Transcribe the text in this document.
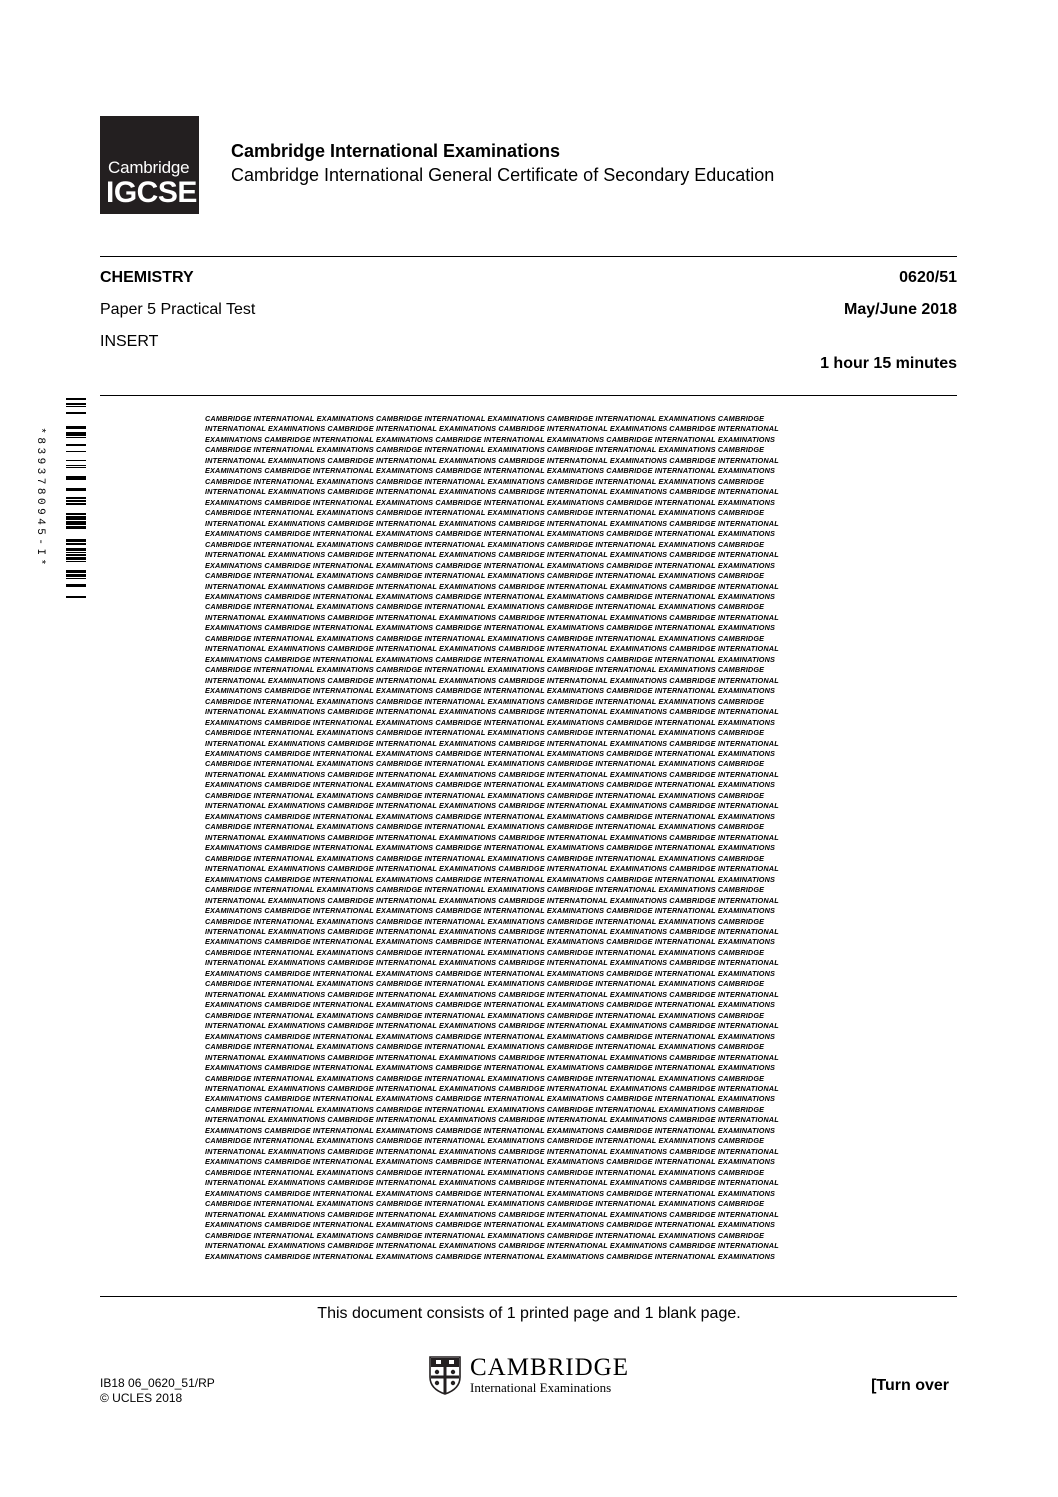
Cambridge
IGCSE
Cambridge International Examinations
Cambridge International General Certificate of Secondary Education
CHEMISTRY	0620/51
Paper 5 Practical Test	May/June 2018
INSERT
1 hour 15 minutes
*8393780945-I*
CAMBRIDGE INTERNATIONAL EXAMINATIONS CAMBRIDGE INTERNATIONAL EXAMINATIONS CAMBRIDGE INTERNATIONAL EXAMINATIONS CAMBRIDGE
INTERNATIONAL EXAMINATIONS CAMBRIDGE INTERNATIONAL EXAMINATIONS CAMBRIDGE INTERNATIONAL EXAMINATIONS CAMBRIDGE INTERNATIONAL
EXAMINATIONS CAMBRIDGE INTERNATIONAL EXAMINATIONS CAMBRIDGE INTERNATIONAL EXAMINATIONS CAMBRIDGE INTERNATIONAL EXAMINATIONS
CAMBRIDGE INTERNATIONAL EXAMINATIONS CAMBRIDGE INTERNATIONAL EXAMINATIONS CAMBRIDGE INTERNATIONAL EXAMINATIONS CAMBRIDGE
INTERNATIONAL EXAMINATIONS CAMBRIDGE INTERNATIONAL EXAMINATIONS CAMBRIDGE INTERNATIONAL EXAMINATIONS CAMBRIDGE INTERNATIONAL
EXAMINATIONS CAMBRIDGE INTERNATIONAL EXAMINATIONS CAMBRIDGE INTERNATIONAL EXAMINATIONS CAMBRIDGE INTERNATIONAL EXAMINATIONS
CAMBRIDGE INTERNATIONAL EXAMINATIONS CAMBRIDGE INTERNATIONAL EXAMINATIONS CAMBRIDGE INTERNATIONAL EXAMINATIONS CAMBRIDGE
INTERNATIONAL EXAMINATIONS CAMBRIDGE INTERNATIONAL EXAMINATIONS CAMBRIDGE INTERNATIONAL EXAMINATIONS CAMBRIDGE INTERNATIONAL
EXAMINATIONS CAMBRIDGE INTERNATIONAL EXAMINATIONS CAMBRIDGE INTERNATIONAL EXAMINATIONS CAMBRIDGE INTERNATIONAL EXAMINATIONS
CAMBRIDGE INTERNATIONAL EXAMINATIONS CAMBRIDGE INTERNATIONAL EXAMINATIONS CAMBRIDGE INTERNATIONAL EXAMINATIONS CAMBRIDGE
INTERNATIONAL EXAMINATIONS CAMBRIDGE INTERNATIONAL EXAMINATIONS CAMBRIDGE INTERNATIONAL EXAMINATIONS CAMBRIDGE INTERNATIONAL
EXAMINATIONS CAMBRIDGE INTERNATIONAL EXAMINATIONS CAMBRIDGE INTERNATIONAL EXAMINATIONS CAMBRIDGE INTERNATIONAL EXAMINATIONS
CAMBRIDGE INTERNATIONAL EXAMINATIONS CAMBRIDGE INTERNATIONAL EXAMINATIONS CAMBRIDGE INTERNATIONAL EXAMINATIONS CAMBRIDGE
INTERNATIONAL EXAMINATIONS CAMBRIDGE INTERNATIONAL EXAMINATIONS CAMBRIDGE INTERNATIONAL EXAMINATIONS CAMBRIDGE INTERNATIONAL
EXAMINATIONS CAMBRIDGE INTERNATIONAL EXAMINATIONS CAMBRIDGE INTERNATIONAL EXAMINATIONS CAMBRIDGE INTERNATIONAL EXAMINATIONS
CAMBRIDGE INTERNATIONAL EXAMINATIONS CAMBRIDGE INTERNATIONAL EXAMINATIONS CAMBRIDGE INTERNATIONAL EXAMINATIONS CAMBRIDGE
INTERNATIONAL EXAMINATIONS CAMBRIDGE INTERNATIONAL EXAMINATIONS CAMBRIDGE INTERNATIONAL EXAMINATIONS CAMBRIDGE INTERNATIONAL
EXAMINATIONS CAMBRIDGE INTERNATIONAL EXAMINATIONS CAMBRIDGE INTERNATIONAL EXAMINATIONS CAMBRIDGE INTERNATIONAL EXAMINATIONS
CAMBRIDGE INTERNATIONAL EXAMINATIONS CAMBRIDGE INTERNATIONAL EXAMINATIONS CAMBRIDGE INTERNATIONAL EXAMINATIONS CAMBRIDGE
INTERNATIONAL EXAMINATIONS CAMBRIDGE INTERNATIONAL EXAMINATIONS CAMBRIDGE INTERNATIONAL EXAMINATIONS CAMBRIDGE INTERNATIONAL
EXAMINATIONS CAMBRIDGE INTERNATIONAL EXAMINATIONS CAMBRIDGE INTERNATIONAL EXAMINATIONS CAMBRIDGE INTERNATIONAL EXAMINATIONS
CAMBRIDGE INTERNATIONAL EXAMINATIONS CAMBRIDGE INTERNATIONAL EXAMINATIONS CAMBRIDGE INTERNATIONAL EXAMINATIONS CAMBRIDGE
INTERNATIONAL EXAMINATIONS CAMBRIDGE INTERNATIONAL EXAMINATIONS CAMBRIDGE INTERNATIONAL EXAMINATIONS CAMBRIDGE INTERNATIONAL
EXAMINATIONS CAMBRIDGE INTERNATIONAL EXAMINATIONS CAMBRIDGE INTERNATIONAL EXAMINATIONS CAMBRIDGE INTERNATIONAL EXAMINATIONS
CAMBRIDGE INTERNATIONAL EXAMINATIONS CAMBRIDGE INTERNATIONAL EXAMINATIONS CAMBRIDGE INTERNATIONAL EXAMINATIONS CAMBRIDGE
INTERNATIONAL EXAMINATIONS CAMBRIDGE INTERNATIONAL EXAMINATIONS CAMBRIDGE INTERNATIONAL EXAMINATIONS CAMBRIDGE INTERNATIONAL
EXAMINATIONS CAMBRIDGE INTERNATIONAL EXAMINATIONS CAMBRIDGE INTERNATIONAL EXAMINATIONS CAMBRIDGE INTERNATIONAL EXAMINATIONS
CAMBRIDGE INTERNATIONAL EXAMINATIONS CAMBRIDGE INTERNATIONAL EXAMINATIONS CAMBRIDGE INTERNATIONAL EXAMINATIONS CAMBRIDGE
INTERNATIONAL EXAMINATIONS CAMBRIDGE INTERNATIONAL EXAMINATIONS CAMBRIDGE INTERNATIONAL EXAMINATIONS CAMBRIDGE INTERNATIONAL
EXAMINATIONS CAMBRIDGE INTERNATIONAL EXAMINATIONS CAMBRIDGE INTERNATIONAL EXAMINATIONS CAMBRIDGE INTERNATIONAL EXAMINATIONS
CAMBRIDGE INTERNATIONAL EXAMINATIONS CAMBRIDGE INTERNATIONAL EXAMINATIONS CAMBRIDGE INTERNATIONAL EXAMINATIONS CAMBRIDGE
INTERNATIONAL EXAMINATIONS CAMBRIDGE INTERNATIONAL EXAMINATIONS CAMBRIDGE INTERNATIONAL EXAMINATIONS CAMBRIDGE INTERNATIONAL
EXAMINATIONS CAMBRIDGE INTERNATIONAL EXAMINATIONS CAMBRIDGE INTERNATIONAL EXAMINATIONS CAMBRIDGE INTERNATIONAL EXAMINATIONS
CAMBRIDGE INTERNATIONAL EXAMINATIONS CAMBRIDGE INTERNATIONAL EXAMINATIONS CAMBRIDGE INTERNATIONAL EXAMINATIONS CAMBRIDGE
INTERNATIONAL EXAMINATIONS CAMBRIDGE INTERNATIONAL EXAMINATIONS CAMBRIDGE INTERNATIONAL EXAMINATIONS CAMBRIDGE INTERNATIONAL
EXAMINATIONS CAMBRIDGE INTERNATIONAL EXAMINATIONS CAMBRIDGE INTERNATIONAL EXAMINATIONS CAMBRIDGE INTERNATIONAL EXAMINATIONS
CAMBRIDGE INTERNATIONAL EXAMINATIONS CAMBRIDGE INTERNATIONAL EXAMINATIONS CAMBRIDGE INTERNATIONAL EXAMINATIONS CAMBRIDGE
INTERNATIONAL EXAMINATIONS CAMBRIDGE INTERNATIONAL EXAMINATIONS CAMBRIDGE INTERNATIONAL EXAMINATIONS CAMBRIDGE INTERNATIONAL
EXAMINATIONS CAMBRIDGE INTERNATIONAL EXAMINATIONS CAMBRIDGE INTERNATIONAL EXAMINATIONS CAMBRIDGE INTERNATIONAL EXAMINATIONS
CAMBRIDGE INTERNATIONAL EXAMINATIONS CAMBRIDGE INTERNATIONAL EXAMINATIONS CAMBRIDGE INTERNATIONAL EXAMINATIONS CAMBRIDGE
INTERNATIONAL EXAMINATIONS CAMBRIDGE INTERNATIONAL EXAMINATIONS CAMBRIDGE INTERNATIONAL EXAMINATIONS CAMBRIDGE INTERNATIONAL
EXAMINATIONS CAMBRIDGE INTERNATIONAL EXAMINATIONS CAMBRIDGE INTERNATIONAL EXAMINATIONS CAMBRIDGE INTERNATIONAL EXAMINATIONS
CAMBRIDGE INTERNATIONAL EXAMINATIONS CAMBRIDGE INTERNATIONAL EXAMINATIONS CAMBRIDGE INTERNATIONAL EXAMINATIONS CAMBRIDGE
INTERNATIONAL EXAMINATIONS CAMBRIDGE INTERNATIONAL EXAMINATIONS CAMBRIDGE INTERNATIONAL EXAMINATIONS CAMBRIDGE INTERNATIONAL
EXAMINATIONS CAMBRIDGE INTERNATIONAL EXAMINATIONS CAMBRIDGE INTERNATIONAL EXAMINATIONS CAMBRIDGE INTERNATIONAL EXAMINATIONS
CAMBRIDGE INTERNATIONAL EXAMINATIONS CAMBRIDGE INTERNATIONAL EXAMINATIONS CAMBRIDGE INTERNATIONAL EXAMINATIONS CAMBRIDGE
INTERNATIONAL EXAMINATIONS CAMBRIDGE INTERNATIONAL EXAMINATIONS CAMBRIDGE INTERNATIONAL EXAMINATIONS CAMBRIDGE INTERNATIONAL
EXAMINATIONS CAMBRIDGE INTERNATIONAL EXAMINATIONS CAMBRIDGE INTERNATIONAL EXAMINATIONS CAMBRIDGE INTERNATIONAL EXAMINATIONS
CAMBRIDGE INTERNATIONAL EXAMINATIONS CAMBRIDGE INTERNATIONAL EXAMINATIONS CAMBRIDGE INTERNATIONAL EXAMINATIONS CAMBRIDGE
INTERNATIONAL EXAMINATIONS CAMBRIDGE INTERNATIONAL EXAMINATIONS CAMBRIDGE INTERNATIONAL EXAMINATIONS CAMBRIDGE INTERNATIONAL
EXAMINATIONS CAMBRIDGE INTERNATIONAL EXAMINATIONS CAMBRIDGE INTERNATIONAL EXAMINATIONS CAMBRIDGE INTERNATIONAL EXAMINATIONS
CAMBRIDGE INTERNATIONAL EXAMINATIONS CAMBRIDGE INTERNATIONAL EXAMINATIONS CAMBRIDGE INTERNATIONAL EXAMINATIONS CAMBRIDGE
INTERNATIONAL EXAMINATIONS CAMBRIDGE INTERNATIONAL EXAMINATIONS CAMBRIDGE INTERNATIONAL EXAMINATIONS CAMBRIDGE INTERNATIONAL
EXAMINATIONS CAMBRIDGE INTERNATIONAL EXAMINATIONS CAMBRIDGE INTERNATIONAL EXAMINATIONS CAMBRIDGE INTERNATIONAL EXAMINATIONS
CAMBRIDGE INTERNATIONAL EXAMINATIONS CAMBRIDGE INTERNATIONAL EXAMINATIONS CAMBRIDGE INTERNATIONAL EXAMINATIONS CAMBRIDGE
INTERNATIONAL EXAMINATIONS CAMBRIDGE INTERNATIONAL EXAMINATIONS CAMBRIDGE INTERNATIONAL EXAMINATIONS CAMBRIDGE INTERNATIONAL
EXAMINATIONS CAMBRIDGE INTERNATIONAL EXAMINATIONS CAMBRIDGE INTERNATIONAL EXAMINATIONS CAMBRIDGE INTERNATIONAL EXAMINATIONS
CAMBRIDGE INTERNATIONAL EXAMINATIONS CAMBRIDGE INTERNATIONAL EXAMINATIONS CAMBRIDGE INTERNATIONAL EXAMINATIONS CAMBRIDGE
INTERNATIONAL EXAMINATIONS CAMBRIDGE INTERNATIONAL EXAMINATIONS CAMBRIDGE INTERNATIONAL EXAMINATIONS CAMBRIDGE INTERNATIONAL
EXAMINATIONS CAMBRIDGE INTERNATIONAL EXAMINATIONS CAMBRIDGE INTERNATIONAL EXAMINATIONS CAMBRIDGE INTERNATIONAL EXAMINATIONS
CAMBRIDGE INTERNATIONAL EXAMINATIONS CAMBRIDGE INTERNATIONAL EXAMINATIONS CAMBRIDGE INTERNATIONAL EXAMINATIONS CAMBRIDGE
INTERNATIONAL EXAMINATIONS CAMBRIDGE INTERNATIONAL EXAMINATIONS CAMBRIDGE INTERNATIONAL EXAMINATIONS CAMBRIDGE INTERNATIONAL
EXAMINATIONS CAMBRIDGE INTERNATIONAL EXAMINATIONS CAMBRIDGE INTERNATIONAL EXAMINATIONS CAMBRIDGE INTERNATIONAL EXAMINATIONS
CAMBRIDGE INTERNATIONAL EXAMINATIONS CAMBRIDGE INTERNATIONAL EXAMINATIONS CAMBRIDGE INTERNATIONAL EXAMINATIONS CAMBRIDGE
INTERNATIONAL EXAMINATIONS CAMBRIDGE INTERNATIONAL EXAMINATIONS CAMBRIDGE INTERNATIONAL EXAMINATIONS CAMBRIDGE INTERNATIONAL
EXAMINATIONS CAMBRIDGE INTERNATIONAL EXAMINATIONS CAMBRIDGE INTERNATIONAL EXAMINATIONS CAMBRIDGE INTERNATIONAL EXAMINATIONS
CAMBRIDGE INTERNATIONAL EXAMINATIONS CAMBRIDGE INTERNATIONAL EXAMINATIONS CAMBRIDGE INTERNATIONAL EXAMINATIONS CAMBRIDGE
INTERNATIONAL EXAMINATIONS CAMBRIDGE INTERNATIONAL EXAMINATIONS CAMBRIDGE INTERNATIONAL EXAMINATIONS CAMBRIDGE INTERNATIONAL
EXAMINATIONS CAMBRIDGE INTERNATIONAL EXAMINATIONS CAMBRIDGE INTERNATIONAL EXAMINATIONS CAMBRIDGE INTERNATIONAL EXAMINATIONS
CAMBRIDGE INTERNATIONAL EXAMINATIONS CAMBRIDGE INTERNATIONAL EXAMINATIONS CAMBRIDGE INTERNATIONAL EXAMINATIONS CAMBRIDGE
INTERNATIONAL EXAMINATIONS CAMBRIDGE INTERNATIONAL EXAMINATIONS CAMBRIDGE INTERNATIONAL EXAMINATIONS CAMBRIDGE INTERNATIONAL
EXAMINATIONS CAMBRIDGE INTERNATIONAL EXAMINATIONS CAMBRIDGE INTERNATIONAL EXAMINATIONS CAMBRIDGE INTERNATIONAL EXAMINATIONS
CAMBRIDGE INTERNATIONAL EXAMINATIONS CAMBRIDGE INTERNATIONAL EXAMINATIONS CAMBRIDGE INTERNATIONAL EXAMINATIONS CAMBRIDGE
INTERNATIONAL EXAMINATIONS CAMBRIDGE INTERNATIONAL EXAMINATIONS CAMBRIDGE INTERNATIONAL EXAMINATIONS CAMBRIDGE INTERNATIONAL
EXAMINATIONS CAMBRIDGE INTERNATIONAL EXAMINATIONS CAMBRIDGE INTERNATIONAL EXAMINATIONS CAMBRIDGE INTERNATIONAL EXAMINATIONS
CAMBRIDGE INTERNATIONAL EXAMINATIONS CAMBRIDGE INTERNATIONAL EXAMINATIONS CAMBRIDGE INTERNATIONAL EXAMINATIONS CAMBRIDGE
INTERNATIONAL EXAMINATIONS CAMBRIDGE INTERNATIONAL EXAMINATIONS CAMBRIDGE INTERNATIONAL EXAMINATIONS CAMBRIDGE INTERNATIONAL
EXAMINATIONS CAMBRIDGE INTERNATIONAL EXAMINATIONS CAMBRIDGE INTERNATIONAL EXAMINATIONS CAMBRIDGE INTERNATIONAL EXAMINATIONS
CAMBRIDGE INTERNATIONAL EXAMINATIONS CAMBRIDGE INTERNATIONAL EXAMINATIONS CAMBRIDGE INTERNATIONAL EXAMINATIONS CAMBRIDGE
INTERNATIONAL EXAMINATIONS CAMBRIDGE INTERNATIONAL EXAMINATIONS CAMBRIDGE INTERNATIONAL EXAMINATIONS CAMBRIDGE INTERNATIONAL
EXAMINATIONS CAMBRIDGE INTERNATIONAL EXAMINATIONS CAMBRIDGE INTERNATIONAL EXAMINATIONS CAMBRIDGE INTERNATIONAL EXAMINATIONS
This document consists of 1 printed page and 1 blank page.
IB18 06_0620_51/RP
© UCLES 2018
CAMBRIDGE
International Examinations	[Turn over
